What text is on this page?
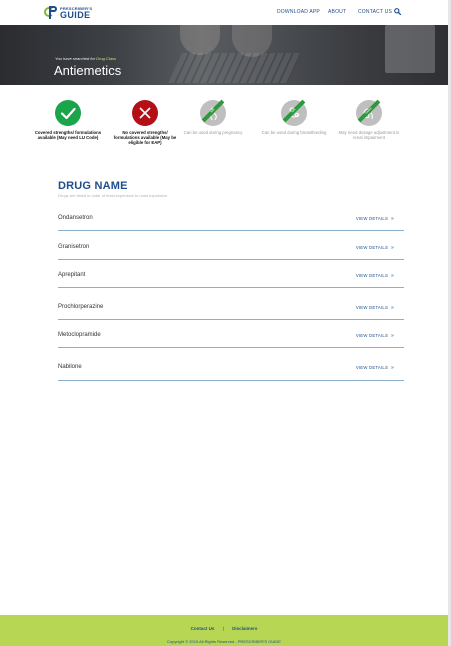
PRESCRIBER'S
GUIDE	DOWNLOAD APP ABOUT CONTACT US
You have searched for Drug Class
Antiemetics
Covered strengths/ formulations available (May need LU Code)
No covered strengths/ formulations available (May be eligible for EAP)
Safe
Can be used during pregnancy
Safe
Can be used during breastfeeding
Caution
May need dosage adjustment in renal impairment
DRUG NAME
Drugs are listed in order of least expensive to most expensive
Ondansetron	VIEW DETAILS »
Granisetron	VIEW DETAILS »
Aprepitant	VIEW DETAILS »
Prochlorperazine	VIEW DETAILS »
Metoclopramide	VIEW DETAILS »
Nabilone	VIEW DETAILS »
Contact Us | Disclaimers
Copyright © 2019 All Rights Reserved - PRESCRIBER'S GUIDE
